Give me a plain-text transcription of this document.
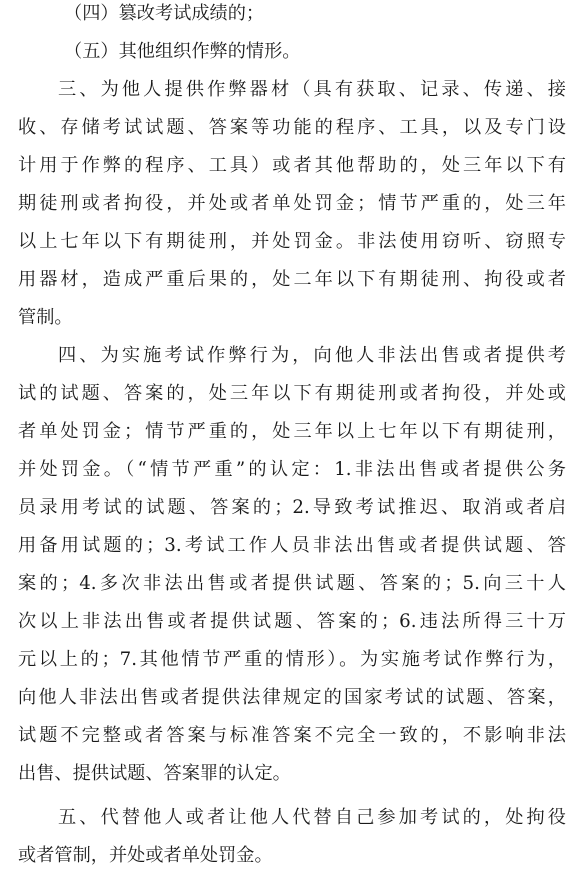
（四）篡改考试成绩的；
（五）其他组织作弊的情形。
三、为他人提供作弊器材（具有获取、记录、传递、接
收、存储考试试题、答案等功能的程序、工具，以及专门设
计用于作弊的程序、工具）或者其他帮助的，处三年以下有
期徒刑或者拘役，并处或者单处罚金；情节严重的，处三年
以上七年以下有期徒刑，并处罚金。非法使用窃听、窃照专
用器材，造成严重后果的，处二年以下有期徒刑、拘役或者
管制。
四、为实施考试作弊行为，向他人非法出售或者提供考
试的试题、答案的，处三年以下有期徒刑或者拘役，并处或
者单处罚金；情节严重的，处三年以上七年以下有期徒刑，
并处罚金。（“情节严重”的认定：1.非法出售或者提供公务
员录用考试的试题、答案的；2.导致考试推迟、取消或者启
用备用试题的；3.考试工作人员非法出售或者提供试题、答
案的；4.多次非法出售或者提供试题、答案的；5.向三十人
次以上非法出售或者提供试题、答案的；6.违法所得三十万
元以上的；7.其他情节严重的情形）。为实施考试作弊行为，
向他人非法出售或者提供法律规定的国家考试的试题、答案，
试题不完整或者答案与标准答案不完全一致的，不影响非法
出售、提供试题、答案罪的认定。
五、代替他人或者让他人代替自己参加考试的，处拘役
或者管制，并处或者单处罚金。
